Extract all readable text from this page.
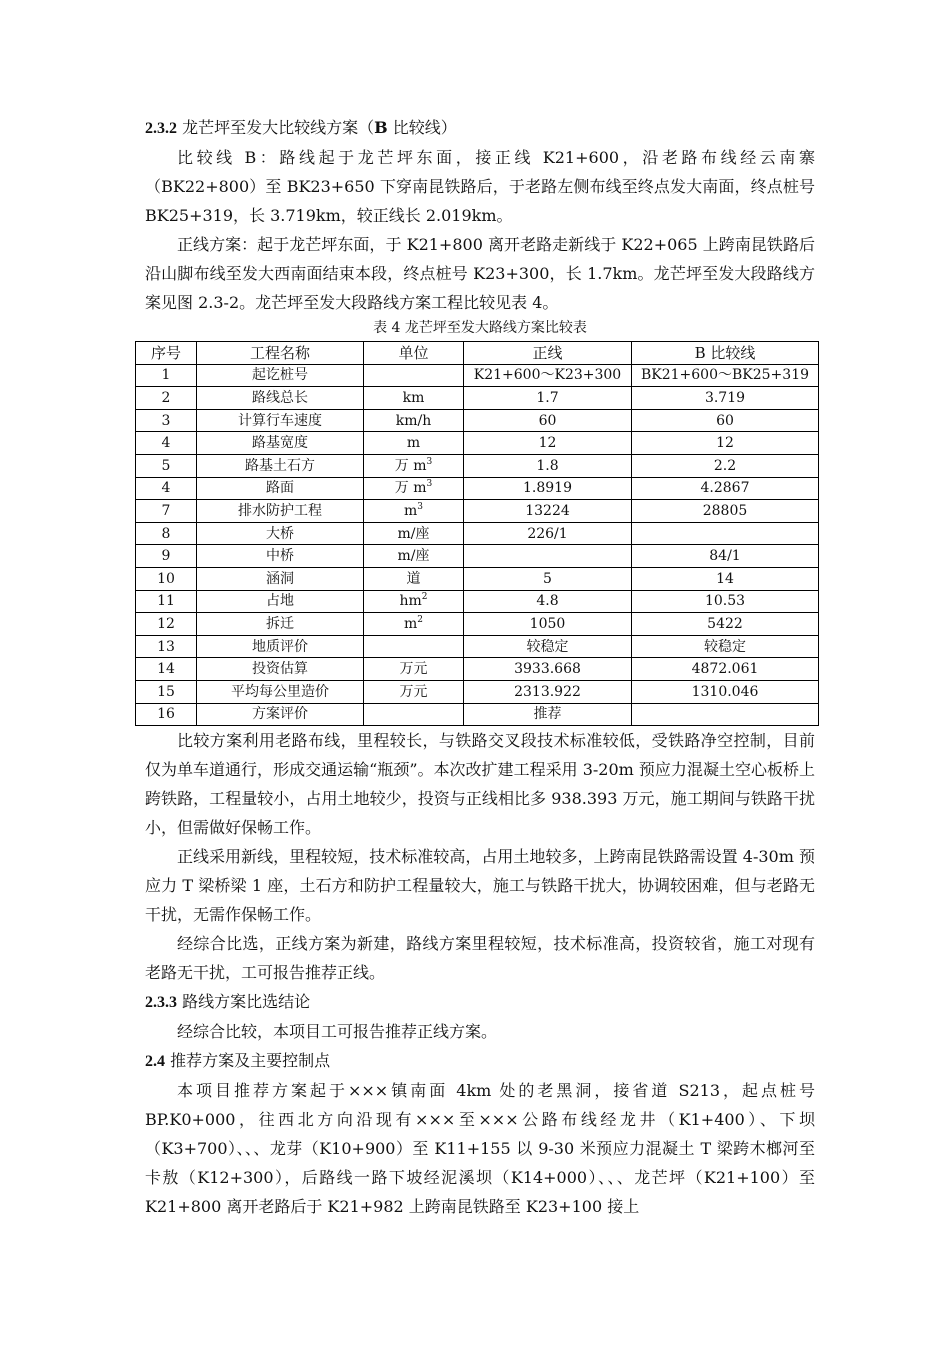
2.3.2 龙芒坪至发大比较线方案（B 比较线）

比较线 B：路线起于龙芒坪东面，接正线 K21+600，沿老路布线经云南寨（BK22+800）至 BK23+650 下穿南昆铁路后，于老路左侧布线至终点发大南面，终点桩号 BK25+319，长 3.719km，较正线长 2.019km。

正线方案：起于龙芒坪东面，于 K21+800 离开老路走新线于 K22+065 上跨南昆铁路后沿山脚布线至发大西南面结束本段，终点桩号 K23+300，长 1.7km。龙芒坪至发大段路线方案见图 2.3-2。龙芒坪至发大段路线方案工程比较见表 4。

表 4 龙芒坪至发大路线方案比较表
序号	工程名称	单位	正线	B 比较线
1	起讫桩号		K21+600～K23+300	BK21+600～BK25+319
2	路线总长	km	1.7	3.719
3	计算行车速度	km/h	60	60
4	路基宽度	m	12	12
5	路基土石方	万 $m^3$	1.8	2.2
4	路面	万 $m^3$	1.8919	4.2867
7	排水防护工程	$m^3$	13224	28805
8	大桥	m/座	226/1	
9	中桥	m/座		84/1
10	涵洞	道	5	14
11	占地	$hm^2$	4.8	10.53
12	拆迁	$m^2$	1050	5422
13	地质评价		较稳定	较稳定
14	投资估算	万元	3933.668	4872.061
15	平均每公里造价	万元	2313.922	1310.046
16	方案评价		推荐	

比较方案利用老路布线，里程较长，与铁路交叉段技术标准较低，受铁路净空控制，目前仅为单车道通行，形成交通运输“瓶颈”。本次改扩建工程采用 3-20m 预应力混凝土空心板桥上跨铁路，工程量较小，占用土地较少，投资与正线相比多 938.393 万元，施工期间与铁路干扰小，但需做好保畅工作。

正线采用新线，里程较短，技术标准较高，占用土地较多，上跨南昆铁路需设置 4-30m 预应力 T 梁桥梁 1 座，土石方和防护工程量较大，施工与铁路干扰大，协调较困难，但与老路无干扰，无需作保畅工作。

经综合比选，正线方案为新建，路线方案里程较短，技术标准高，投资较省，施工对现有老路无干扰，工可报告推荐正线。

2.3.3 路线方案比选结论

经综合比较，本项目工可报告推荐正线方案。

2.4 推荐方案及主要控制点

本项目推荐方案起于×××镇南面 4km 处的老黑洞，接省道 S213，起点桩号 BP.K0+000，往西北方向沿现有×××至×××公路布线经龙井（K1+400）、下坝（K3+700）、、、龙芽（K10+900）至 K11+155 以 9-30 米预应力混凝土 T 梁跨木榔河至卡敖（K12+300），后路线一路下坡经泥溪坝（K14+000）、、、龙芒坪（K21+100）至 K21+800 离开老路后于 K21+982 上跨南昆铁路至 K23+100 接上
